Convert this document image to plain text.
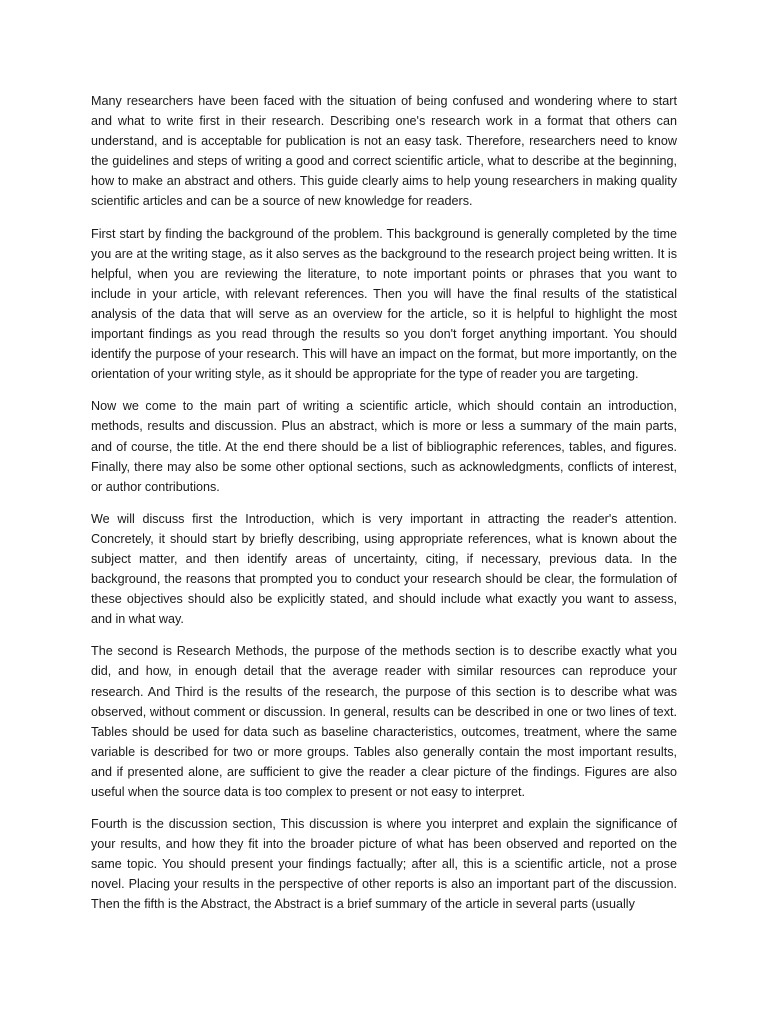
Many researchers have been faced with the situation of being confused and wondering where to start and what to write first in their research. Describing one's research work in a format that others can understand, and is acceptable for publication is not an easy task. Therefore, researchers need to know the guidelines and steps of writing a good and correct scientific article, what to describe at the beginning, how to make an abstract and others. This guide clearly aims to help young researchers in making quality scientific articles and can be a source of new knowledge for readers.

First start by finding the background of the problem. This background is generally completed by the time you are at the writing stage, as it also serves as the background to the research project being written. It is helpful, when you are reviewing the literature, to note important points or phrases that you want to include in your article, with relevant references. Then you will have the final results of the statistical analysis of the data that will serve as an overview for the article, so it is helpful to highlight the most important findings as you read through the results so you don't forget anything important. You should identify the purpose of your research. This will have an impact on the format, but more importantly, on the orientation of your writing style, as it should be appropriate for the type of reader you are targeting.

Now we come to the main part of writing a scientific article, which should contain an introduction, methods, results and discussion. Plus an abstract, which is more or less a summary of the main parts, and of course, the title. At the end there should be a list of bibliographic references, tables, and figures. Finally, there may also be some other optional sections, such as acknowledgments, conflicts of interest, or author contributions.

We will discuss first the Introduction, which is very important in attracting the reader's attention. Concretely, it should start by briefly describing, using appropriate references, what is known about the subject matter, and then identify areas of uncertainty, citing, if necessary, previous data. In the background, the reasons that prompted you to conduct your research should be clear, the formulation of these objectives should also be explicitly stated, and should include what exactly you want to assess, and in what way.

The second is Research Methods, the purpose of the methods section is to describe exactly what you did, and how, in enough detail that the average reader with similar resources can reproduce your research. And Third is the results of the research, the purpose of this section is to describe what was observed, without comment or discussion. In general, results can be described in one or two lines of text. Tables should be used for data such as baseline characteristics, outcomes, treatment, where the same variable is described for two or more groups. Tables also generally contain the most important results, and if presented alone, are sufficient to give the reader a clear picture of the findings. Figures are also useful when the source data is too complex to present or not easy to interpret.

Fourth is the discussion section, This discussion is where you interpret and explain the significance of your results, and how they fit into the broader picture of what has been observed and reported on the same topic. You should present your findings factually; after all, this is a scientific article, not a prose novel. Placing your results in the perspective of other reports is also an important part of the discussion. Then the fifth is the Abstract, the Abstract is a brief summary of the article in several parts (usually
